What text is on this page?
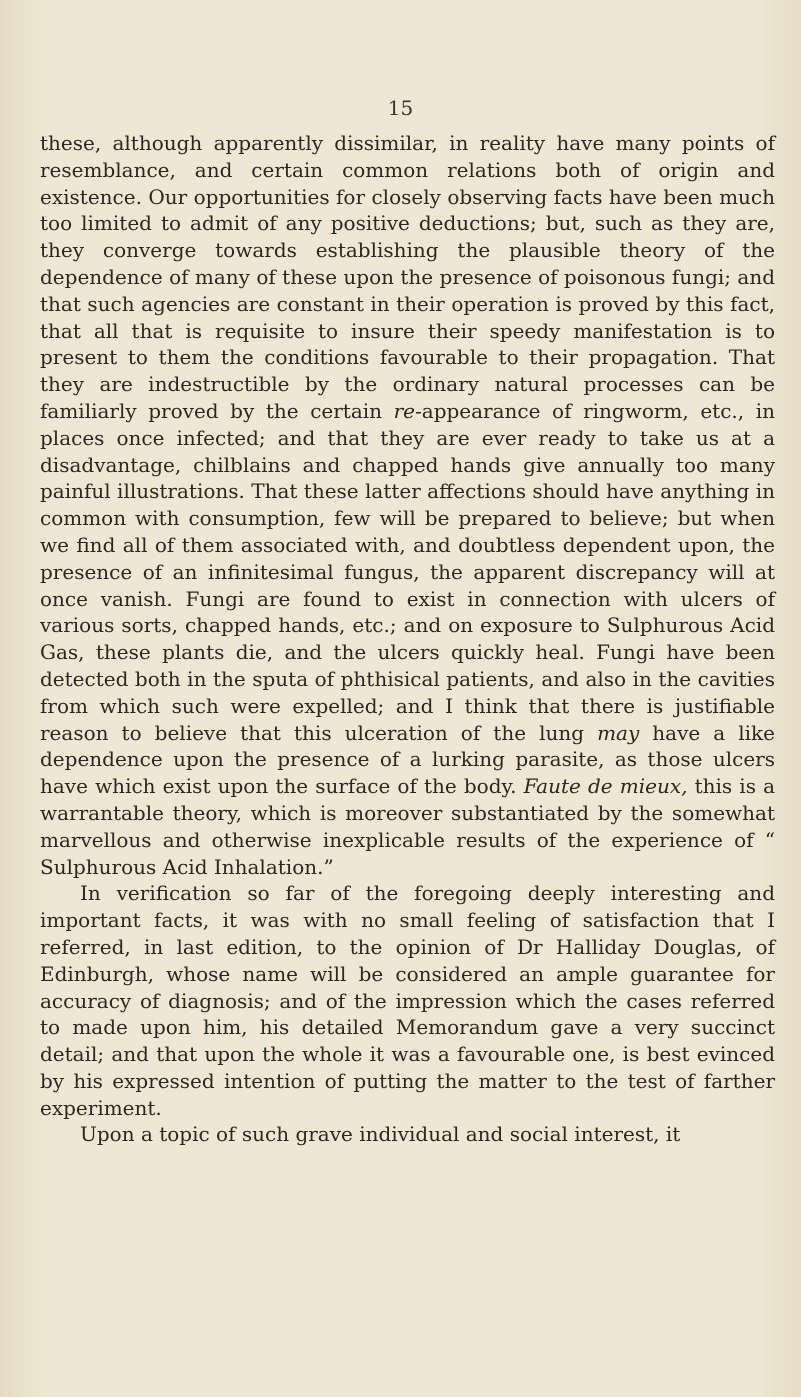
15

these, although apparently dissimilar, in reality have many points of resemblance, and certain common relations both of origin and existence. Our opportunities for closely observing facts have been much too limited to admit of any positive deductions; but, such as they are, they converge towards establishing the plausible theory of the dependence of many of these upon the presence of poisonous fungi; and that such agencies are constant in their operation is proved by this fact, that all that is requisite to insure their speedy manifestation is to present to them the conditions favourable to their propagation. That they are indestructible by the ordinary natural processes can be familiarly proved by the certain re-appearance of ringworm, etc., in places once infected; and that they are ever ready to take us at a disadvantage, chilblains and chapped hands give annually too many painful illustrations. That these latter affections should have anything in common with consumption, few will be prepared to believe; but when we find all of them associated with, and doubtless dependent upon, the presence of an infinitesimal fungus, the apparent discrepancy will at once vanish. Fungi are found to exist in connection with ulcers of various sorts, chapped hands, etc.; and on exposure to Sulphurous Acid Gas, these plants die, and the ulcers quickly heal. Fungi have been detected both in the sputa of phthisical patients, and also in the cavities from which such were expelled; and I think that there is justifiable reason to believe that this ulceration of the lung may have a like dependence upon the presence of a lurking parasite, as those ulcers have which exist upon the surface of the body. Faute de mieux, this is a warrantable theory, which is moreover substantiated by the somewhat marvellous and otherwise inexplicable results of the experience of “ Sulphurous Acid Inhalation.”

In verification so far of the foregoing deeply interesting and important facts, it was with no small feeling of satisfaction that I referred, in last edition, to the opinion of Dr Halliday Douglas, of Edinburgh, whose name will be considered an ample guarantee for accuracy of diagnosis; and of the impression which the cases referred to made upon him, his detailed Memorandum gave a very succinct detail; and that upon the whole it was a favourable one, is best evinced by his expressed intention of putting the matter to the test of farther experiment.

Upon a topic of such grave individual and social interest, it
